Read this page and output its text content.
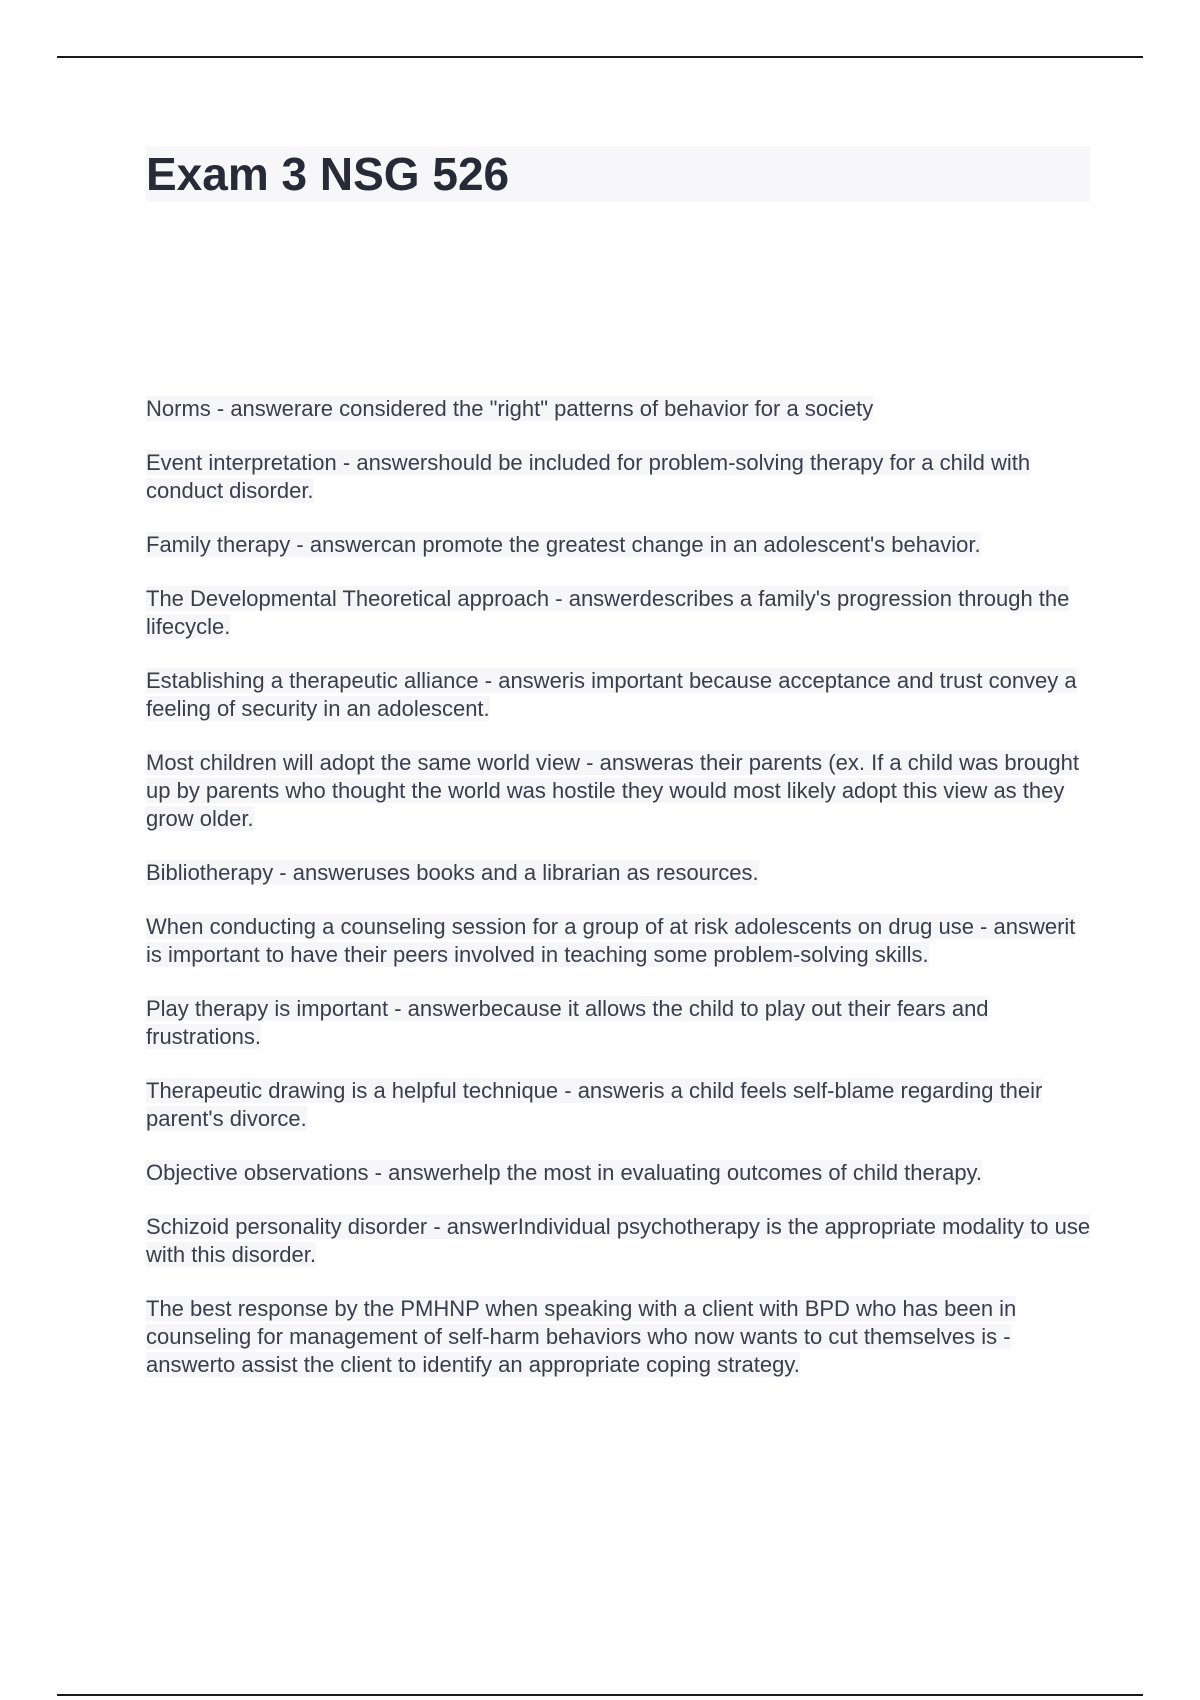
Exam 3 NSG 526
Norms - answerare considered the "right" patterns of behavior for a society
Event interpretation - answershould be included for problem-solving therapy for a child with conduct disorder.
Family therapy - answercan promote the greatest change in an adolescent's behavior.
The Developmental Theoretical approach - answerdescribes a family's progression through the lifecycle.
Establishing a therapeutic alliance - answeris important because acceptance and trust convey a feeling of security in an adolescent.
Most children will adopt the same world view - answeras their parents (ex. If a child was brought up by parents who thought the world was hostile they would most likely adopt this view as they grow older.
Bibliotherapy - answeruses books and a librarian as resources.
When conducting a counseling session for a group of at risk adolescents on drug use - answerit is important to have their peers involved in teaching some problem-solving skills.
Play therapy is important - answerbecause it allows the child to play out their fears and frustrations.
Therapeutic drawing is a helpful technique - answeris a child feels self-blame regarding their parent's divorce.
Objective observations - answerhelp the most in evaluating outcomes of child therapy.
Schizoid personality disorder - answerIndividual psychotherapy is the appropriate modality to use with this disorder.
The best response by the PMHNP when speaking with a client with BPD who has been in counseling for management of self-harm behaviors who now wants to cut themselves is - answerto assist the client to identify an appropriate coping strategy.
